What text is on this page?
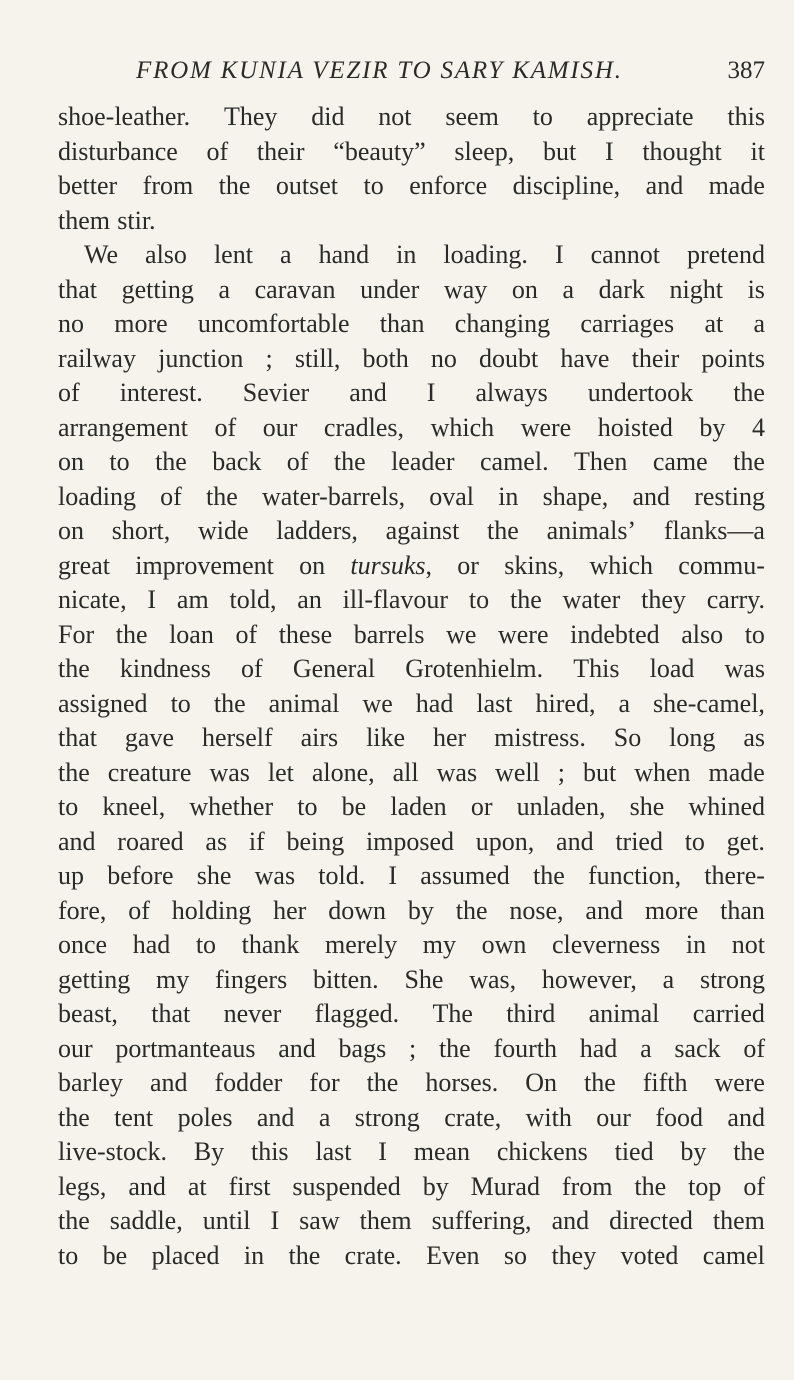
FROM KUNIA VEZIR TO SARY KAMISH.	387
shoe-leather. They did not seem to appreciate this
disturbance of their “beauty” sleep, but I thought it
better from the outset to enforce discipline, and made
them stir.
We also lent a hand in loading. I cannot pretend
that getting a caravan under way on a dark night is
no more uncomfortable than changing carriages at a
railway junction ; still, both no doubt have their points
of interest. Sevier and I always undertook the
arrangement of our cradles, which were hoisted by 4
on to the back of the leader camel. Then came the
loading of the water-barrels, oval in shape, and resting
on short, wide ladders, against the animals’ flanks—a
great improvement on tursuks, or skins, which commu-
nicate, I am told, an ill-flavour to the water they carry.
For the loan of these barrels we were indebted also to
the kindness of General Grotenhielm. This load was
assigned to the animal we had last hired, a she-camel,
that gave herself airs like her mistress. So long as
the creature was let alone, all was well ; but when made
to kneel, whether to be laden or unladen, she whined
and roared as if being imposed upon, and tried to get.
up before she was told. I assumed the function, there-
fore, of holding her down by the nose, and more than
once had to thank merely my own cleverness in not
getting my fingers bitten. She was, however, a strong
beast, that never flagged. The third animal carried
our portmanteaus and bags ; the fourth had a sack of
barley and fodder for the horses. On the fifth were
the tent poles and a strong crate, with our food and
live-stock. By this last I mean chickens tied by the
legs, and at first suspended by Murad from the top of
the saddle, until I saw them suffering, and directed them
to be placed in the crate. Even so they voted camel
